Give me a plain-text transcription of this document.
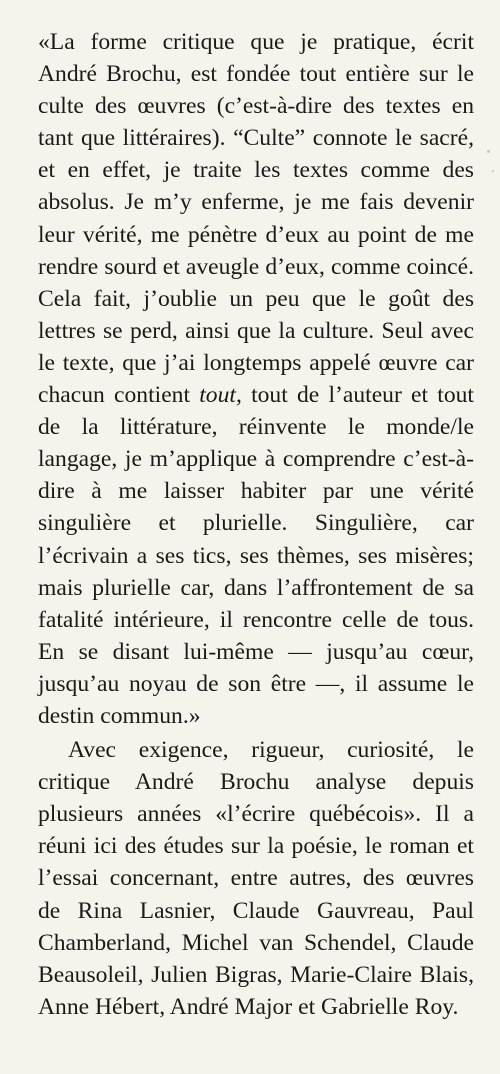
«La forme critique que je pratique, écrit André Brochu, est fondée tout entière sur le culte des œuvres (c’est-à-dire des textes en tant que littéraires). “Culte” connote le sacré, et en effet, je traite les textes comme des absolus. Je m’y enferme, je me fais devenir leur vérité, me pénètre d’eux au point de me rendre sourd et aveugle d’eux, comme coincé. Cela fait, j’oublie un peu que le goût des lettres se perd, ainsi que la culture. Seul avec le texte, que j’ai longtemps appelé œuvre car chacun contient tout, tout de l’auteur et tout de la littérature, réinvente le monde/le langage, je m’applique à comprendre c’est-à-dire à me laisser habiter par une vérité singulière et plurielle. Singulière, car l’écrivain a ses tics, ses thèmes, ses misères; mais plurielle car, dans l’affrontement de sa fatalité intérieure, il rencontre celle de tous. En se disant lui-même — jusqu’au cœur, jusqu’au noyau de son être —, il assume le destin commun.»

Avec exigence, rigueur, curiosité, le critique André Brochu analyse depuis plusieurs années «l’écrire québécois». Il a réuni ici des études sur la poésie, le roman et l’essai concernant, entre autres, des œuvres de Rina Lasnier, Claude Gauvreau, Paul Chamberland, Michel van Schendel, Claude Beausoleil, Julien Bigras, Marie-Claire Blais, Anne Hébert, André Major et Gabrielle Roy.
